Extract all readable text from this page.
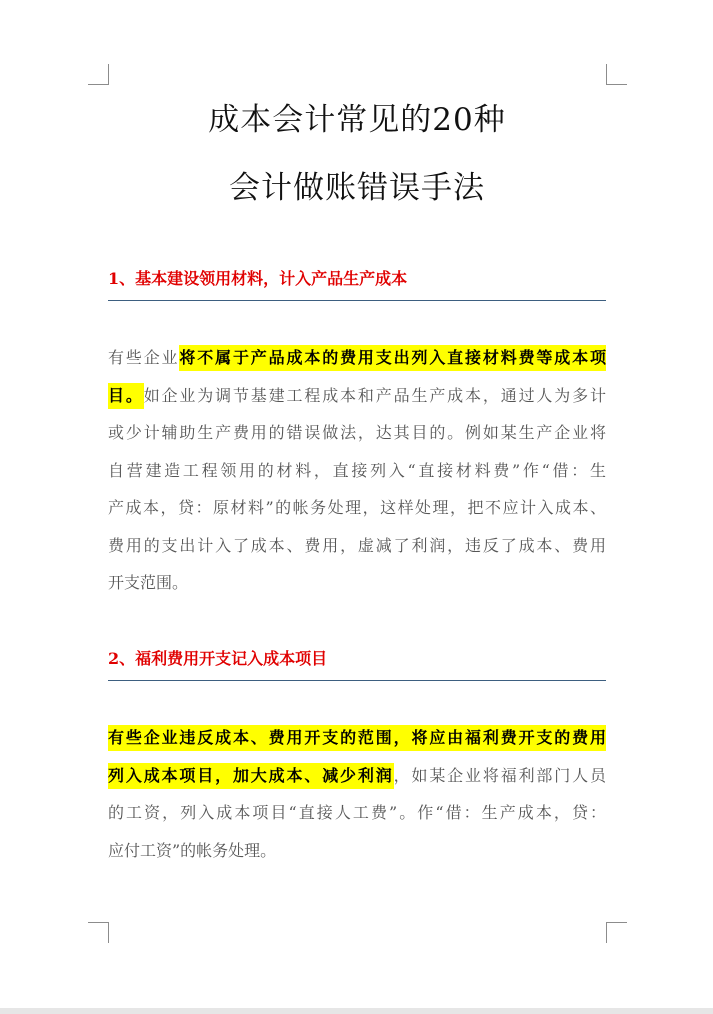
成本会计常见的20种
会计做账错误手法
1、基本建设领用材料，计入产品生产成本
有些企业将不属于产品成本的费用支出列入直接材料费等成本项
目。如企业为调节基建工程成本和产品生产成本，通过人为多计
或少计辅助生产费用的错误做法，达其目的。例如某生产企业将
自营建造工程领用的材料，直接列入“直接材料费”作“借：生
产成本，贷：原材料”的帐务处理，这样处理，把不应计入成本、
费用的支出计入了成本、费用，虚减了利润，违反了成本、费用
开支范围。
2、福利费用开支记入成本项目
有些企业违反成本、费用开支的范围，将应由福利费开支的费用
列入成本项目，加大成本、减少利润，如某企业将福利部门人员
的工资，列入成本项目“直接人工费”。作“借：生产成本，贷：
应付工资”的帐务处理。
